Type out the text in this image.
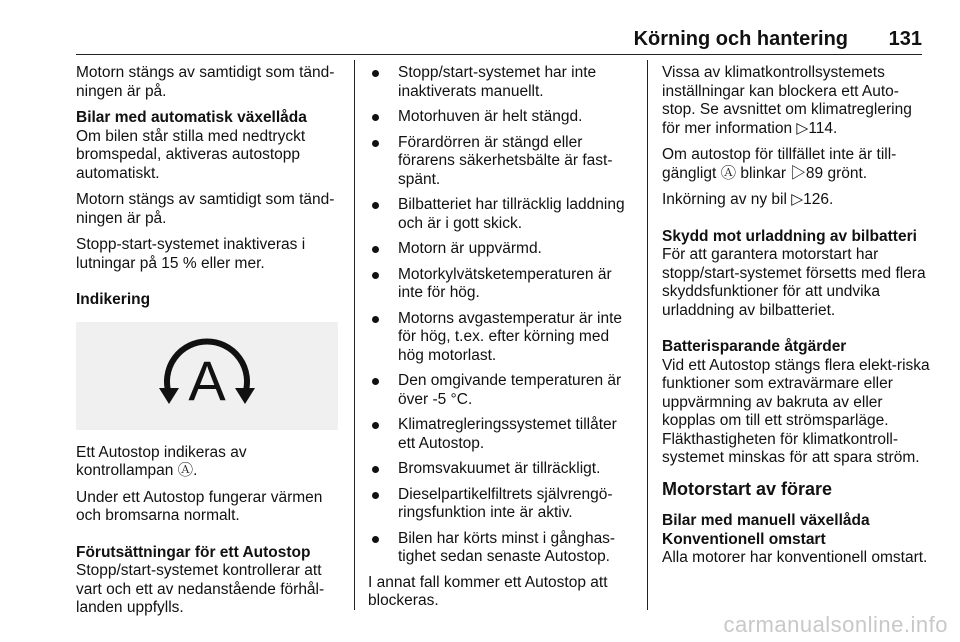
Körning och hantering 131

Motorn stängs av samtidigt som tänd-ningen är på.

Bilar med automatisk växellåda

Om bilen står stilla med nedtryckt bromspedal, aktiveras autostopp automatiskt.

Motorn stängs av samtidigt som tänd-ningen är på.

Stopp-start-systemet inaktiveras i lutningar på 15 % eller mer.

Indikering

A

Ett Autostop indikeras av kontrollampan Ⓐ.

Under ett Autostop fungerar värmen och bromsarna normalt.

Förutsättningar för ett Autostop

Stopp/start-systemet kontrollerar att vart och ett av nedanstående förhål-landen uppfylls.

Stopp/start-systemet har inte inaktiverats manuellt.
Motorhuven är helt stängd.
Förardörren är stängd eller förarens säkerhetsbälte är fast-spänt.
Bilbatteriet har tillräcklig laddning och är i gott skick.
Motorn är uppvärmd.
Motorkylvätsketemperaturen är inte för hög.
Motorns avgastemperatur är inte för hög, t.ex. efter körning med hög motorlast.
Den omgivande temperaturen är över -5 °C.
Klimatregleringssystemet tillåter ett Autostop.
Bromsvakuumet är tillräckligt.
Dieselpartikelfiltrets självrengö-ringsfunktion inte är aktiv.
Bilen har körts minst i gånghas-tighet sedan senaste Autostop.

I annat fall kommer ett Autostop att blockeras.

Vissa av klimatkontrollsystemets inställningar kan blockera ett Auto-stop. Se avsnittet om klimatreglering för mer information ▷ 114.

Om autostop för tillfället inte är till-gängligt Ⓐ blinkar ▷ 89 grönt.

Inkörning av ny bil ▷ 126.

Skydd mot urladdning av bilbatteri

För att garantera motorstart har stopp/start-systemet försetts med flera skyddsfunktioner för att undvika urladdning av bilbatteriet.

Batterisparande åtgärder

Vid ett Autostop stängs flera elekt-riska funktioner som extravärmare eller uppvärmning av bakruta av eller kopplas om till ett strömsparläge. Fläkthastigheten för klimatkontroll-systemet minskas för att spara ström.

Motorstart av förare

Bilar med manuell växellåda

Konventionell omstart

Alla motorer har konventionell omstart.

carmanualsonline.info
